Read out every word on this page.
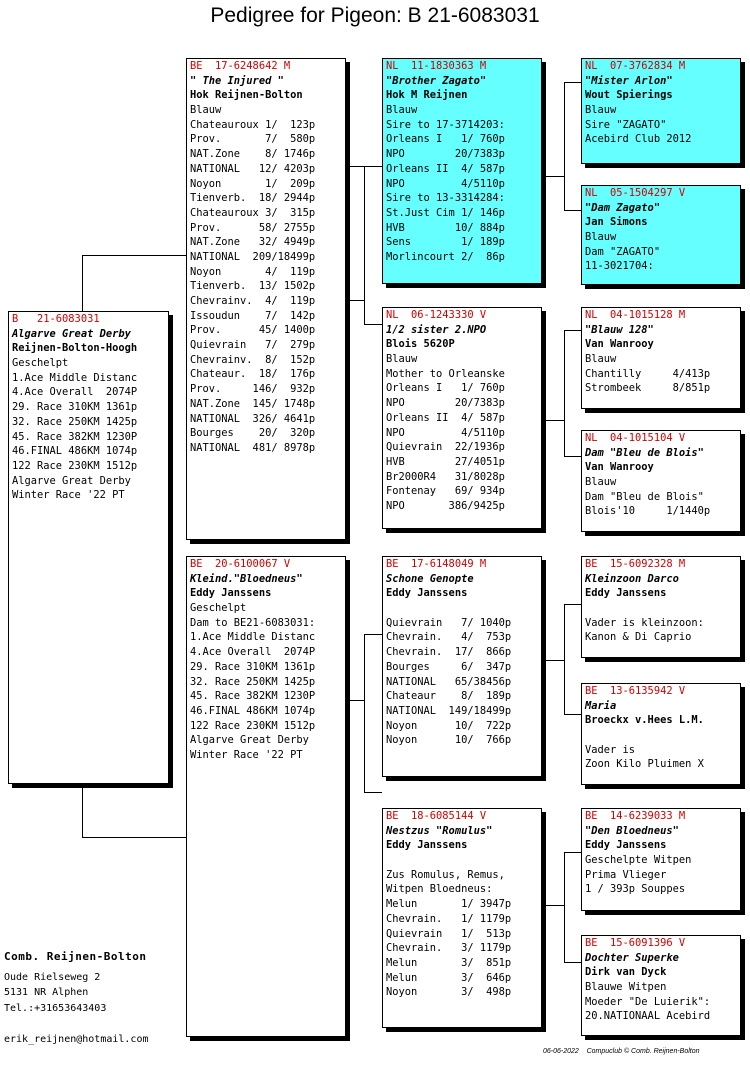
Pedigree for Pigeon: B 21-6083031
B   21-6083031
Algarve Great Derby
Reijnen-Bolton-Hoogh
Geschelpt
1.Ace Middle Distanc
4.Ace Overall  2074P
29. Race 310KM 1361p
32. Race 250KM 1425p
45. Race 382KM 1230P
46.FINAL 486KM 1074p
122 Race 230KM 1512p
Algarve Great Derby
Winter Race '22 PT
BE  17-6248642 M
" The Injured "
Hok Reijnen-Bolton
Blauw
Chateauroux 1/  123p
Prov.       7/  580p
NAT.Zone    8/ 1746p
NATIONAL   12/ 4203p
Noyon       1/  209p
Tienverb.  18/ 2944p
Chateauroux 3/  315p
Prov.      58/ 2755p
NAT.Zone   32/ 4949p
NATIONAL  209/18499p
Noyon       4/  119p
Tienverb.  13/ 1502p
Chevrainv.  4/  119p
Issoudun    7/  142p
Prov.      45/ 1400p
Quievrain   7/  279p
Chevrainv.  8/  152p
Chateaur.  18/  176p
Prov.     146/  932p
NAT.Zone  145/ 1748p
NATIONAL  326/ 4641p
Bourges    20/  320p
NATIONAL  481/ 8978p
BE  20-6100067 V
Kleind."Bloedneus"
Eddy Janssens
Geschelpt
Dam to BE21-6083031:
1.Ace Middle Distanc
4.Ace Overall  2074P
29. Race 310KM 1361p
32. Race 250KM 1425p
45. Race 382KM 1230P
46.FINAL 486KM 1074p
122 Race 230KM 1512p
Algarve Great Derby
Winter Race '22 PT
NL  11-1830363 M
"Brother Zagato"
Hok M Reijnen
Blauw
Sire to 17-3714203:
Orleans I   1/ 760p
NPO        20/7383p
Orleans II  4/ 587p
NPO         4/5110p
Sire to 13-3314284:
St.Just Cim 1/ 146p
HVB        10/ 884p
Sens        1/ 189p
Morlincourt 2/  86p
NL  06-1243330 V
1/2 sister 2.NPO
Blois 5620P
Blauw
Mother to Orleanske
Orleans I   1/ 760p
NPO        20/7383p
Orleans II  4/ 587p
NPO         4/5110p
Quievrain  22/1936p
HVB        27/4051p
Br2000R4   31/8028p
Fontenay   69/ 934p
NPO       386/9425p
BE  17-6148049 M
Schone Genopte
Eddy Janssens
Quievrain   7/ 1040p
Chevrain.   4/  753p
Chevrain.  17/  866p
Bourges     6/  347p
NATIONAL   65/38456p
Chateaur    8/  189p
NATIONAL  149/18499p
Noyon      10/  722p
Noyon      10/  766p
BE  18-6085144 V
Nestzus "Romulus"
Eddy Janssens
Zus Romulus, Remus,
Witpen Bloedneus:
Melun       1/ 3947p
Chevrain.   1/ 1179p
Quievrain   1/  513p
Chevrain.   3/ 1179p
Melun       3/  851p
Melun       3/  646p
Noyon       3/  498p
NL  07-3762834 M
"Mister Arlon"
Wout Spierings
Blauw
Sire "ZAGATO"
Acebird Club 2012
NL  05-1504297 V
"Dam Zagato"
Jan Simons
Blauw
Dam "ZAGATO"
11-3021704:
NL  04-1015128 M
"Blauw 128"
Van Wanrooy
Blauw
Chantilly     4/413p
Strombeek     8/851p
NL  04-1015104 V
Dam "Bleu de Blois"
Van Wanrooy
Blauw
Dam "Bleu de Blois"
Blois'10     1/1440p
BE  15-6092328 M
Kleinzoon Darco
Eddy Janssens
Vader is kleinzoon:
Kanon & Di Caprio
BE  13-6135942 V
Maria
Broeckx v.Hees L.M.
Vader is
Zoon Kilo Pluimen X
BE  14-6239033 M
"Den Bloedneus"
Eddy Janssens
Geschelpte Witpen
Prima Vlieger
1 / 393p Souppes
BE  15-6091396 V
Dochter Superke
Dirk van Dyck
Blauwe Witpen
Moeder "De Luierik":
20.NATIONAAL Acebird
Comb. Reijnen-Bolton
Oude Rielseweg 2
5131 NR Alphen
Tel.:+31653643403
erik_reijnen@hotmail.com
06-06-2022    Compuclub © Comb. Reijnen-Bolton
